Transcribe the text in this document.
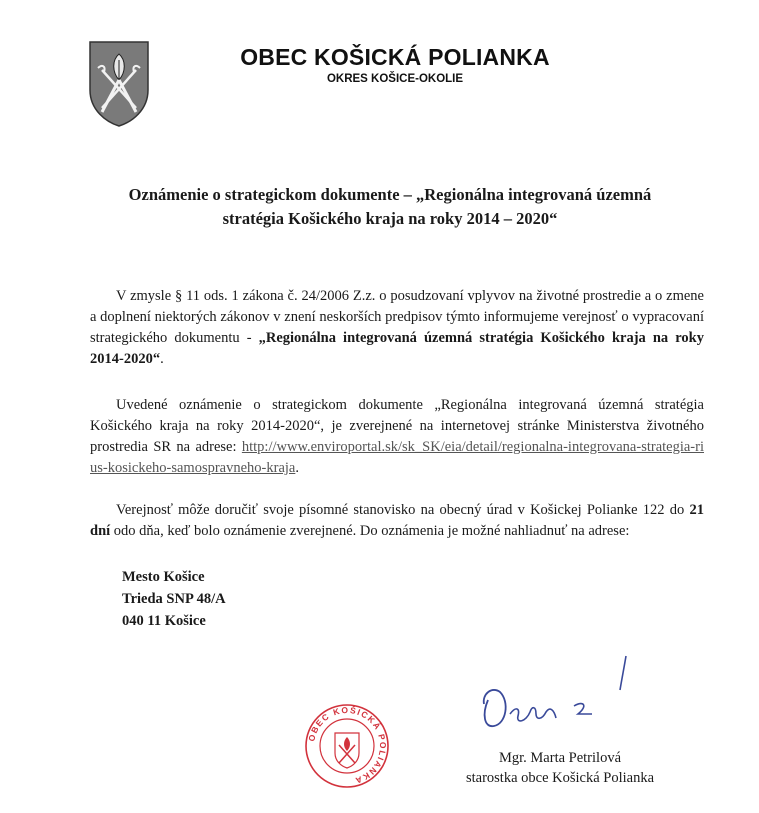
OBEC KOŠICKÁ POLIANKA
OKRES KOŠICE-OKOLIE
Oznámenie o strategickom dokumente – „Regionálna integrovaná územná
stratégia Košického kraja na roky 2014 – 2020“
V zmysle § 11 ods. 1 zákona č. 24/2006 Z.z. o posudzovaní vplyvov na životné prostredie a o zmene a doplnení niektorých zákonov v znení neskorších predpisov týmto informujeme verejnosť o vypracovaní strategického dokumentu - „Regionálna integrovaná územná stratégia Košického kraja na roky 2014-2020“.
Uvedené oznámenie o strategickom dokumente „Regionálna integrovaná územná stratégia Košického kraja na roky 2014-2020“, je zverejnené na internetovej stránke Ministerstva životného prostredia SR na adrese: http://www.enviroportal.sk/sk_SK/eia/detail/regionalna-integrovana-strategia-rius-kosickeho-samospravneho-kraja.
Verejnosť môže doručiť svoje písomné stanovisko na obecný úrad v Košickej Polianke 122 do 21 dní odo dňa, keď bolo oznámenie zverejnené. Do oznámenia je možné nahliadnuť na adrese:
Mesto Košice
Trieda SNP 48/A
040 11 Košice
OBEC KOŠICKÁ POLIANKA
Mgr. Marta Petrilová
starostka obce Košická Polianka
